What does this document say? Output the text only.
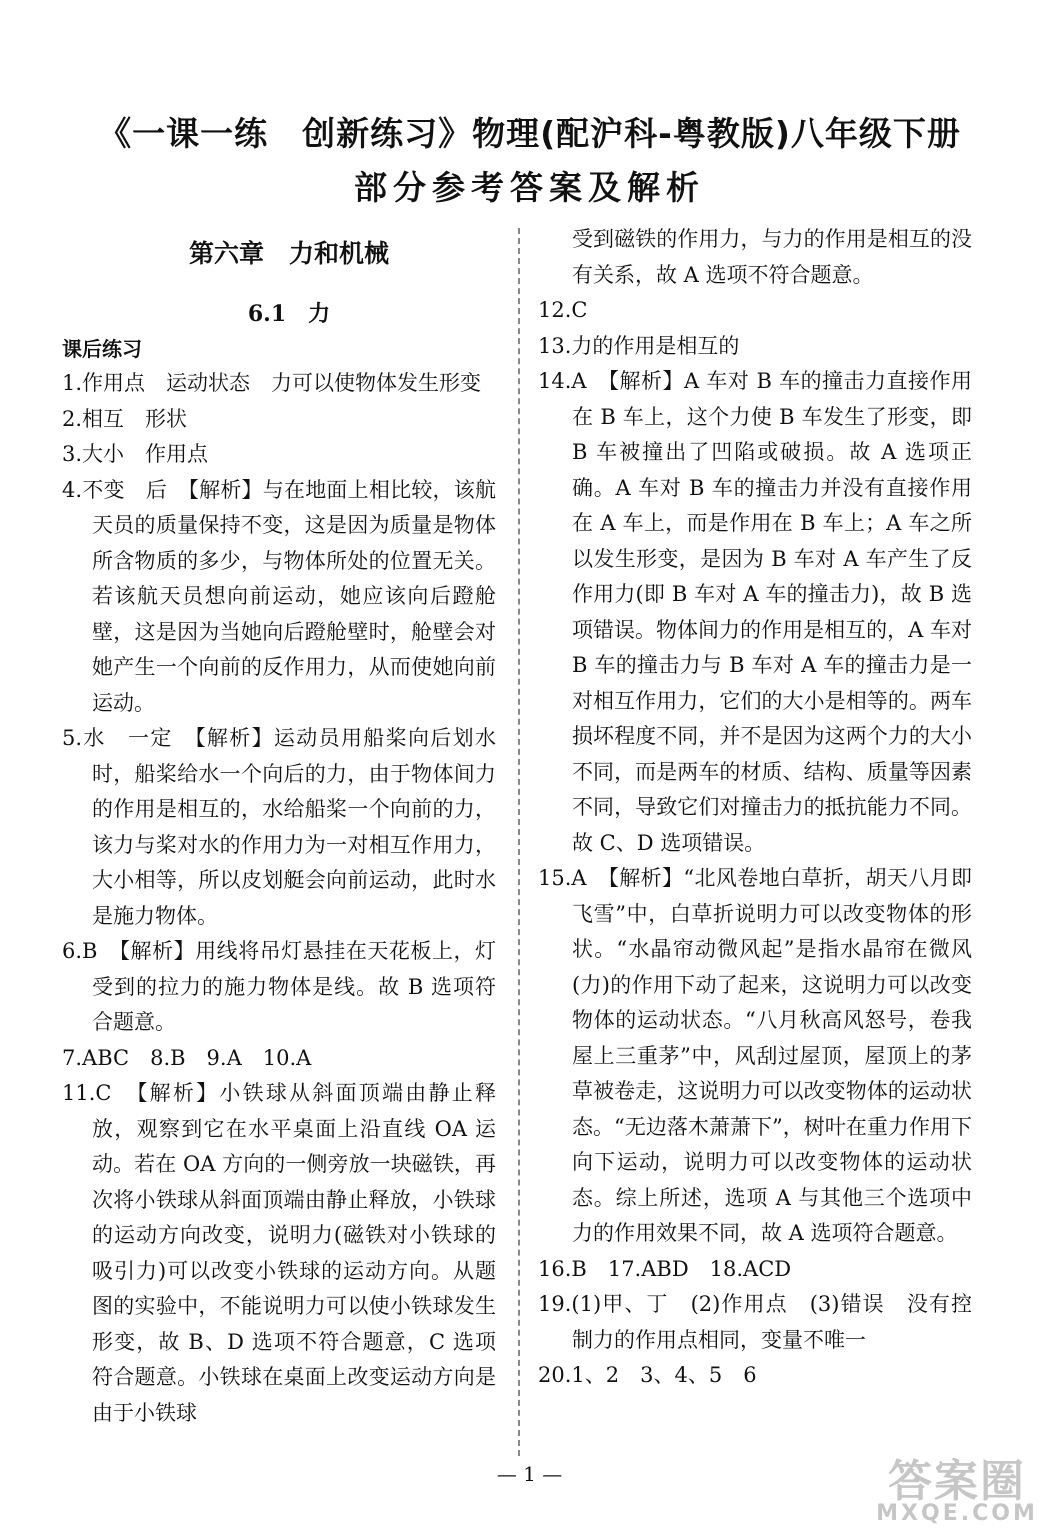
《一课一练　创新练习》物理(配沪科-粤教版)八年级下册
部分参考答案及解析
第六章　力和机械
6.1　力
课后练习
1.作用点　运动状态　力可以使物体发生形变
2.相互　形状
3.大小　作用点
4.不变　后　【解析】与在地面上相比较，该航天员的质量保持不变，这是因为质量是物体所含物质的多少，与物体所处的位置无关。若该航天员想向前运动，她应该向后蹬舱壁，这是因为当她向后蹬舱壁时，舱壁会对她产生一个向前的反作用力，从而使她向前运动。
5.水　一定　【解析】运动员用船桨向后划水时，船桨给水一个向后的力，由于物体间力的作用是相互的，水给船桨一个向前的力，该力与桨对水的作用力为一对相互作用力，大小相等，所以皮划艇会向前运动，此时水是施力物体。
6.B　【解析】用线将吊灯悬挂在天花板上，灯受到的拉力的施力物体是线。故 B 选项符合题意。
7.ABC　8.B　9.A　10.A
11.C　【解析】小铁球从斜面顶端由静止释放，观察到它在水平桌面上沿直线 OA 运动。若在 OA 方向的一侧旁放一块磁铁，再次将小铁球从斜面顶端由静止释放，小铁球的运动方向改变，说明力(磁铁对小铁球的吸引力)可以改变小铁球的运动方向。从题图的实验中，不能说明力可以使小铁球发生形变，故 B、D 选项不符合题意，C 选项符合题意。小铁球在桌面上改变运动方向是由于小铁球
受到磁铁的作用力，与力的作用是相互的没有关系，故 A 选项不符合题意。
12.C
13.力的作用是相互的
14.A　【解析】A 车对 B 车的撞击力直接作用在 B 车上，这个力使 B 车发生了形变，即 B 车被撞出了凹陷或破损。故 A 选项正确。A 车对 B 车的撞击力并没有直接作用在 A 车上，而是作用在 B 车上；A 车之所以发生形变，是因为 B 车对 A 车产生了反作用力(即 B 车对 A 车的撞击力)，故 B 选项错误。物体间力的作用是相互的，A 车对 B 车的撞击力与 B 车对 A 车的撞击力是一对相互作用力，它们的大小是相等的。两车损坏程度不同，并不是因为这两个力的大小不同，而是两车的材质、结构、质量等因素不同，导致它们对撞击力的抵抗能力不同。故 C、D 选项错误。
15.A　【解析】“北风卷地白草折，胡天八月即飞雪”中，白草折说明力可以改变物体的形状。“水晶帘动微风起”是指水晶帘在微风(力)的作用下动了起来，这说明力可以改变物体的运动状态。“八月秋高风怒号，卷我屋上三重茅”中，风刮过屋顶，屋顶上的茅草被卷走，这说明力可以改变物体的运动状态。“无边落木萧萧下”，树叶在重力作用下向下运动，说明力可以改变物体的运动状态。综上所述，选项 A 与其他三个选项中力的作用效果不同，故 A 选项符合题意。
16.B　17.ABD　18.ACD
19.(1)甲、丁　(2)作用点　(3)错误　没有控制力的作用点相同，变量不唯一
20.1、2　3、4、5　6
— 1 —	答案圈
MXQE.COM
